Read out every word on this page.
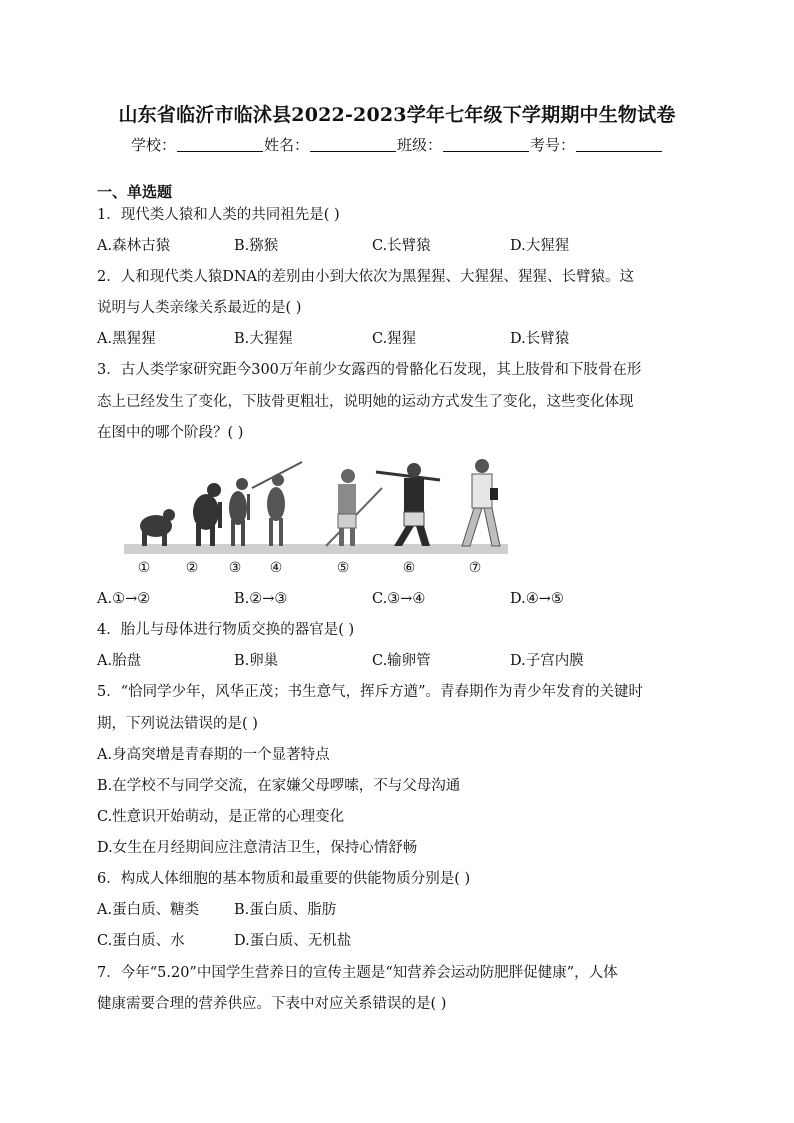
山东省临沂市临沭县2022-2023学年七年级下学期期中生物试卷
学校：	姓名：	班级：	考号：
一、单选题
1．现代类人猿和人类的共同祖先是( )
A.森林古猿	B.猕猴	C.长臂猿	D.大猩猩
2．人和现代类人猿DNA的差别由小到大依次为黑猩猩、大猩猩、猩猩、长臂猿。这
说明与人类亲缘关系最近的是( )
A.黑猩猩	B.大猩猩	C.猩猩	D.长臂猿
3．古人类学家研究距今300万年前少女露西的骨骼化石发现，其上肢骨和下肢骨在形
态上已经发生了变化，下肢骨更粗壮，说明她的运动方式发生了变化，这些变化体现
在图中的哪个阶段？( )
①	② ③ ④	⑤	⑥	⑦
A.①→②	B.②→③	C.③→④	D.④→⑤
4．胎儿与母体进行物质交换的器官是( )
A.胎盘	B.卵巢	C.输卵管	D.子宫内膜
5．“恰同学少年，风华正茂；书生意气，挥斥方遒”。青春期作为青少年发育的关键时
期，下列说法错误的是( )
A.身高突增是青春期的一个显著特点
B.在学校不与同学交流，在家嫌父母啰嗦，不与父母沟通
C.性意识开始萌动，是正常的心理变化
D.女生在月经期间应注意清洁卫生，保持心情舒畅
6．构成人体细胞的基本物质和最重要的供能物质分别是( )
A.蛋白质、糖类 B.蛋白质、脂肪
C.蛋白质、水	D.蛋白质、无机盐
7．今年“5.20”中国学生营养日的宣传主题是“知营养会运动防肥胖促健康”，人体
健康需要合理的营养供应。下表中对应关系错误的是( )
